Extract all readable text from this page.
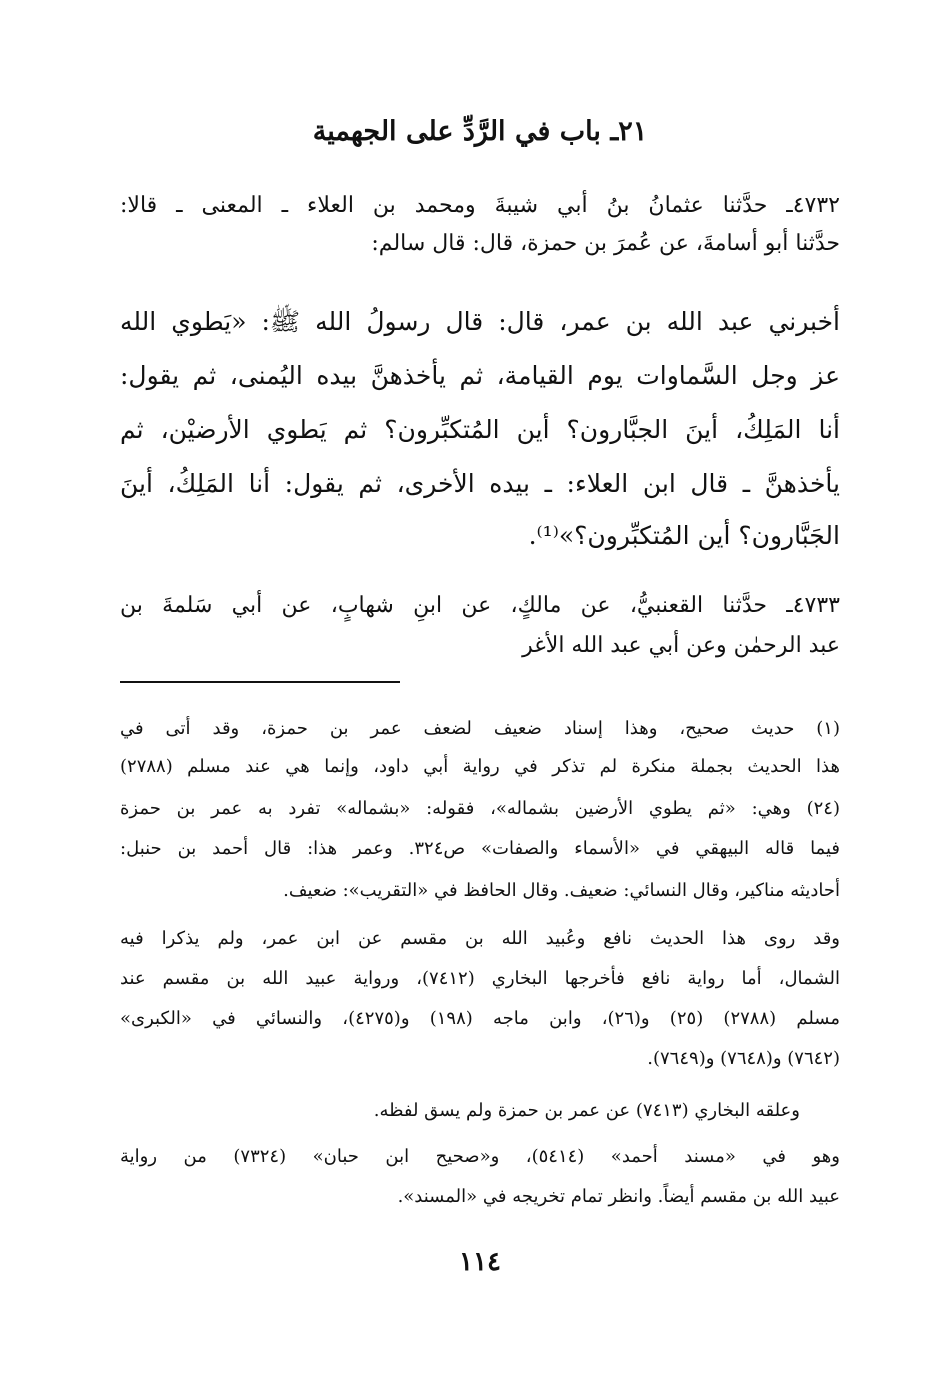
٢١ـ باب في الرَّدِّ على الجهمية
٤٧٣٢ـ حدَّثنا عثمانُ بنُ أبي شيبةَ ومحمد بن العلاء ـ المعنى ـ قالا:
حدَّثنا أبو أسامةَ، عن عُمرَ بن حمزة، قال: قال سالم:
أخبرني عبد الله بن عمر، قال: قال رسولُ الله ﷺ: «يَطوي الله
عز وجل السَّماوات يوم القيامة، ثم يأخذهنَّ بيده اليُمنى، ثم يقول:
أنا المَلِكُ، أينَ الجبَّارون؟ أين المُتكبِّرون؟ ثم يَطوي الأرضيْن، ثم
يأخذهنَّ ـ قال ابن العلاء: ـ بيده الأخرى، ثم يقول: أنا المَلِكُ، أينَ
الجَبَّارون؟ أين المُتكبِّرون؟»⁽¹⁾.
٤٧٣٣ـ حدَّثنا القعنبيُّ، عن مالكٍ، عن ابنِ شهابٍ، عن أبي سَلمةَ بن
عبد الرحمٰن وعن أبي عبد الله الأغر
(١) حديث صحيح، وهذا إسناد ضعيف لضعف عمر بن حمزة، وقد أتى في
هذا الحديث بجملة منكرة لم تذكر في رواية أبي داود، وإنما هي عند مسلم (٢٧٨٨)
(٢٤) وهي: «ثم يطوي الأرضين بشماله»، فقوله: «بشماله» تفرد به عمر بن حمزة
فيما قاله البيهقي في «الأسماء والصفات» ص٣٢٤. وعمر هذا: قال أحمد بن حنبل:
أحاديثه مناكير، وقال النسائي: ضعيف. وقال الحافظ في «التقريب»: ضعيف.
وقد روى هذا الحديث نافع وعُبيد الله بن مقسم عن ابن عمر، ولم يذكرا فيه
الشمال، أما رواية نافع فأخرجها البخاري (٧٤١٢)، ورواية عبيد الله بن مقسم عند
مسلم (٢٧٨٨) (٢٥) و(٢٦)، وابن ماجه (١٩٨) و(٤٢٧٥)، والنسائي في «الكبرى»
(٧٦٤٢) و(٧٦٤٨) و(٧٦٤٩).
وعلقه البخاري (٧٤١٣) عن عمر بن حمزة ولم يسق لفظه.
وهو في «مسند أحمد» (٥٤١٤)، و«صحيح ابن حبان» (٧٣٢٤) من رواية
عبيد الله بن مقسم أيضاً. وانظر تمام تخريجه في «المسند».
١١٤
